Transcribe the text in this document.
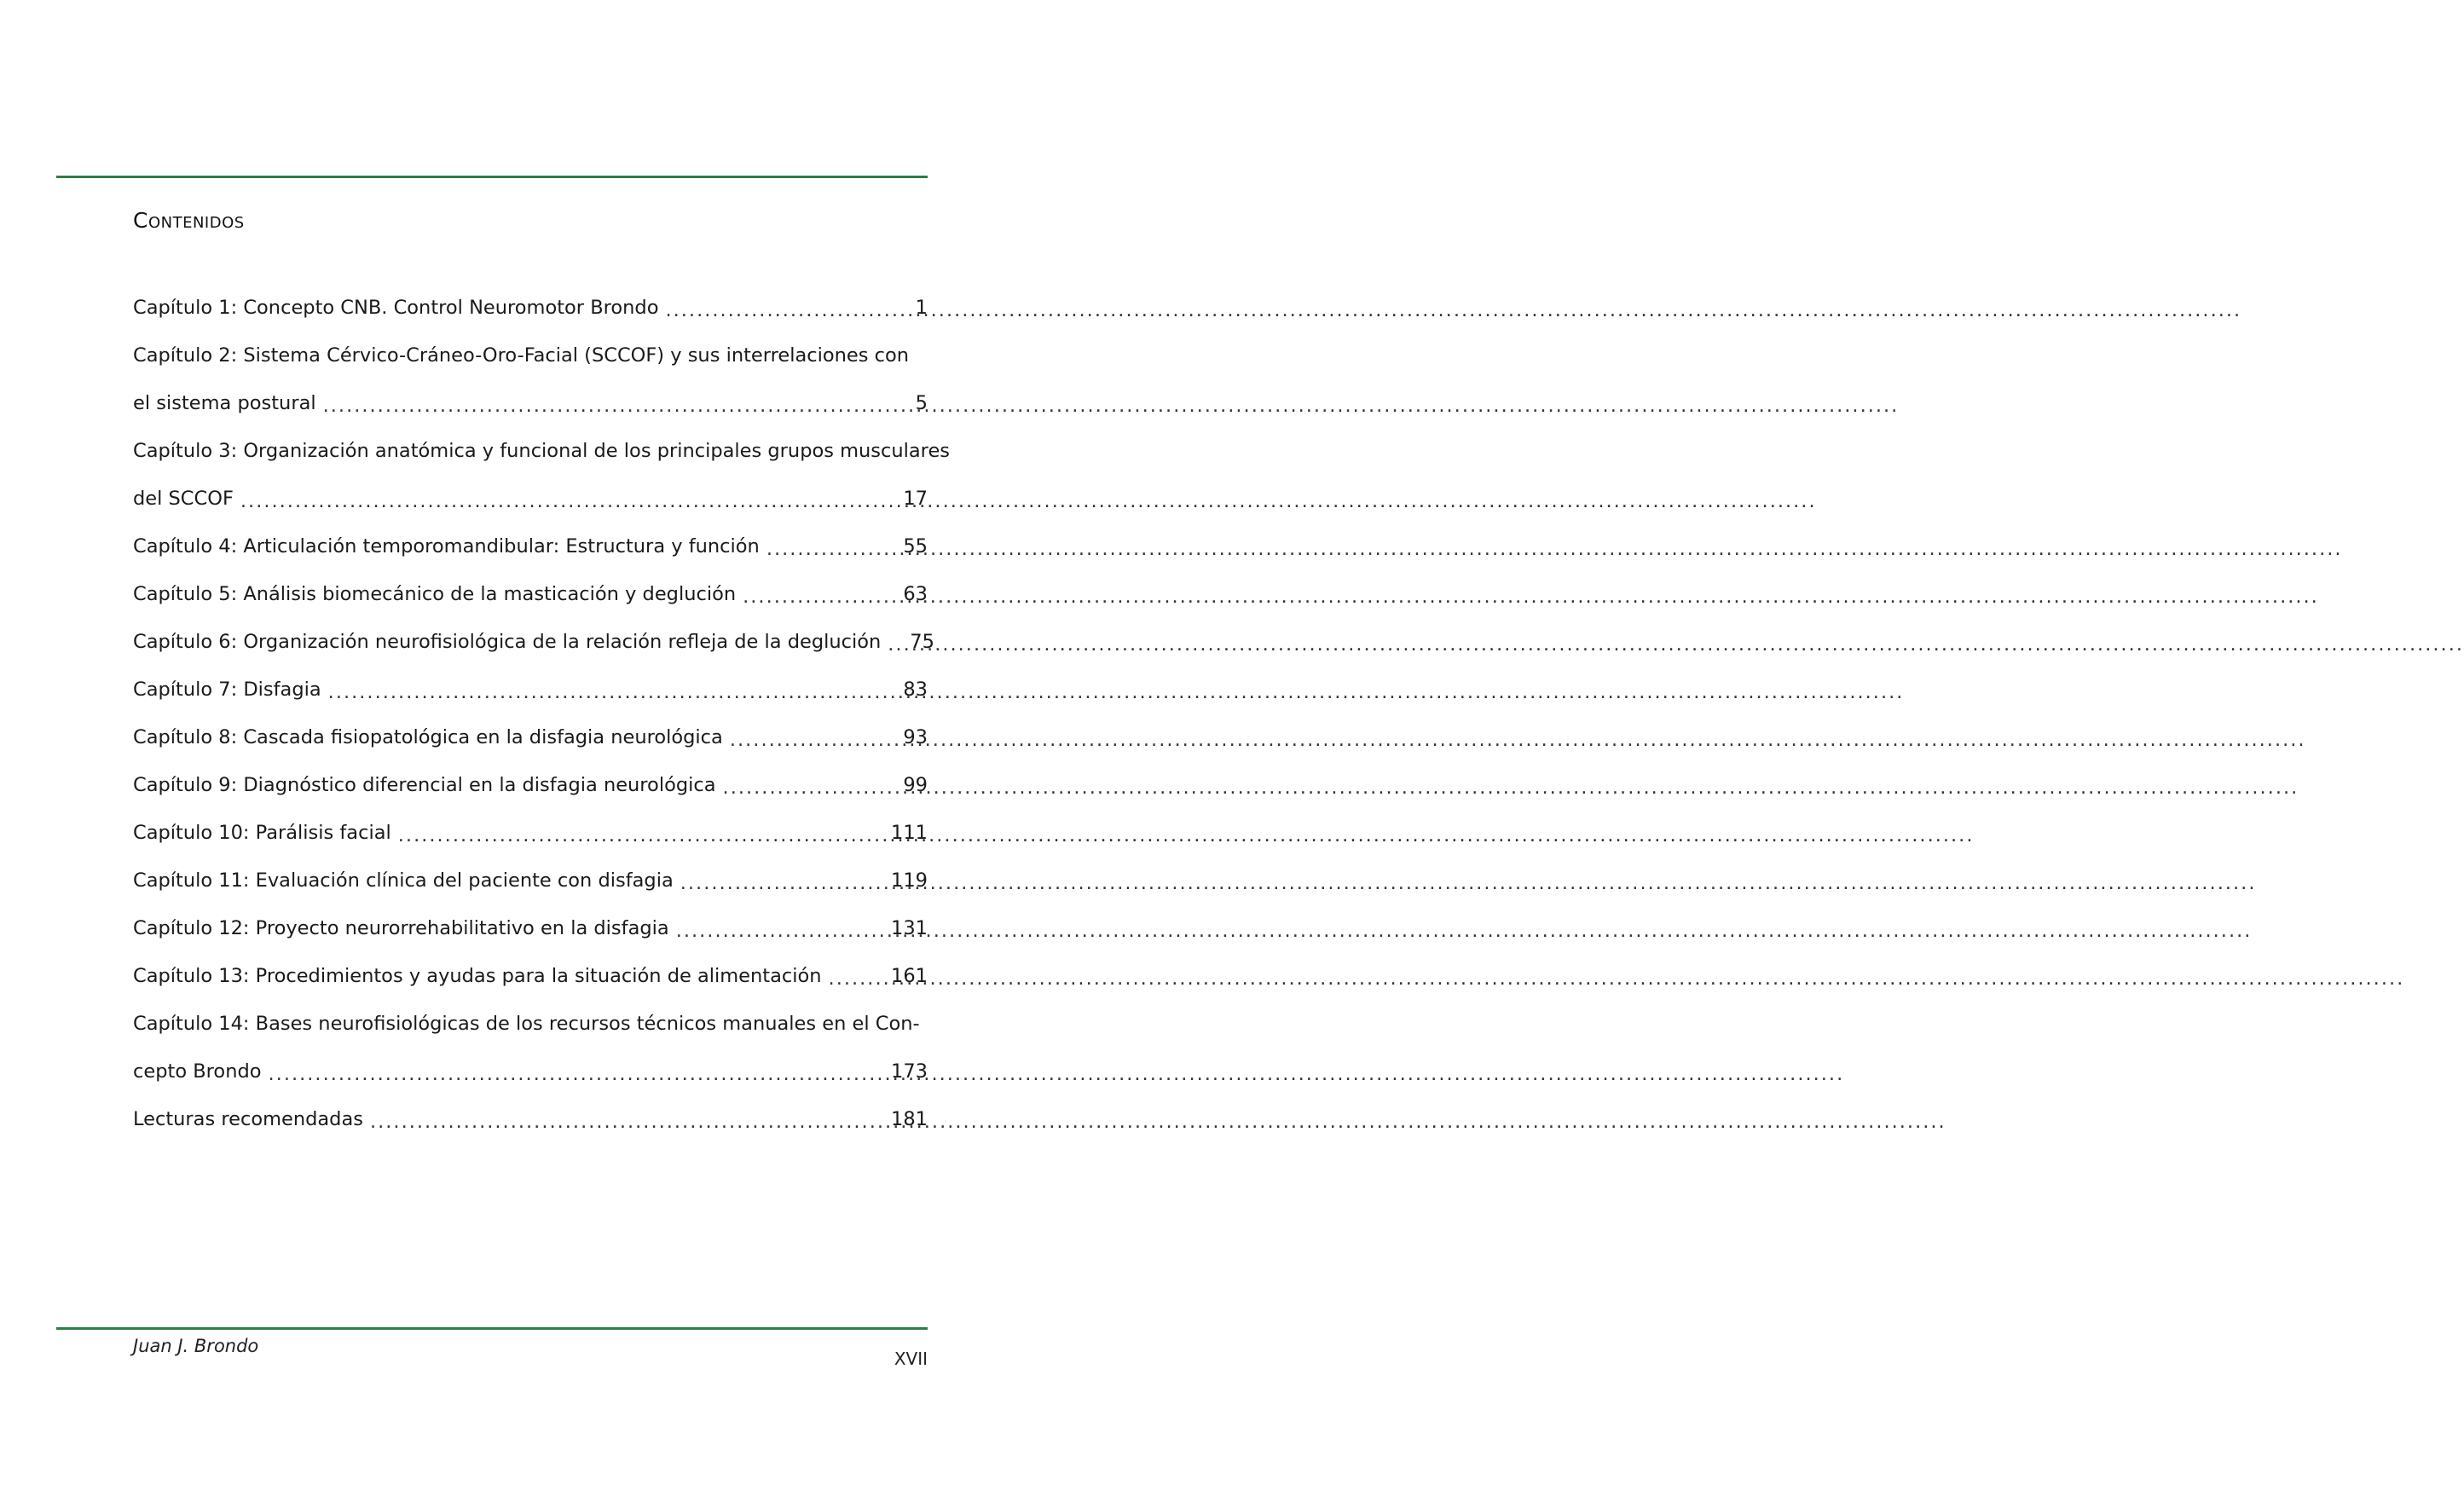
Contenidos
Capítulo 1: Concepto CNB. Control Neuromotor Brondo .....	1
Capítulo 2: Sistema Cérvico-Cráneo-Oro-Facial (SCCOF) y sus interrelaciones con
el sistema postural .....	5
Capítulo 3: Organización anatómica y funcional de los principales grupos musculares
del SCCOF .....	17
Capítulo 4: Articulación temporomandibular: Estructura y función .....	55
Capítulo 5: Análisis biomecánico de la masticación y deglución .....	63
Capítulo 6: Organización neurofisiológica de la relación refleja de la deglución ..... 75
Capítulo 7: Disfagia .....	83
Capítulo 8: Cascada fisiopatológica en la disfagia neurológica .....	93
Capítulo 9: Diagnóstico diferencial en la disfagia neurológica .....	99
Capítulo 10: Parálisis facial .....	111
Capítulo 11: Evaluación clínica del paciente con disfagia .....	119
Capítulo 12: Proyecto neurorrehabilitativo en la disfagia .....	131
Capítulo 13: Procedimientos y ayudas para la situación de alimentación .....	161
Capítulo 14: Bases neurofisiológicas de los recursos técnicos manuales en el Con-
cepto Brondo .....	173
Lecturas recomendadas .....	181
Juan J. Brondo
XVII
